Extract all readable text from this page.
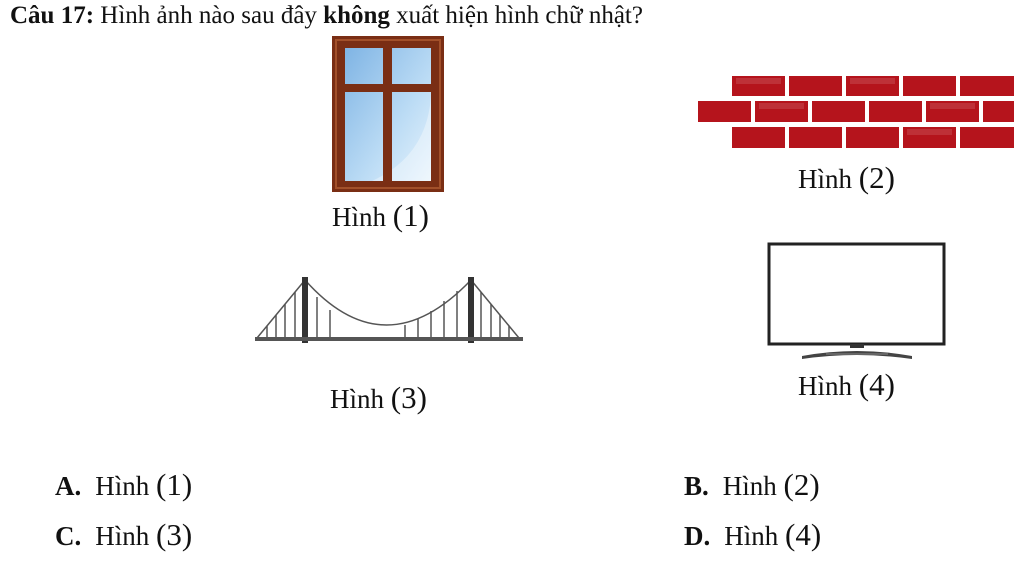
Câu 17: Hình ảnh nào sau đây không xuất hiện hình chữ nhật?
Hình (1)
Hình (2)
Hình (3)	Hình (4)
A. Hình (1)	B. Hình (2)
C. Hình (3)	D. Hình (4)
